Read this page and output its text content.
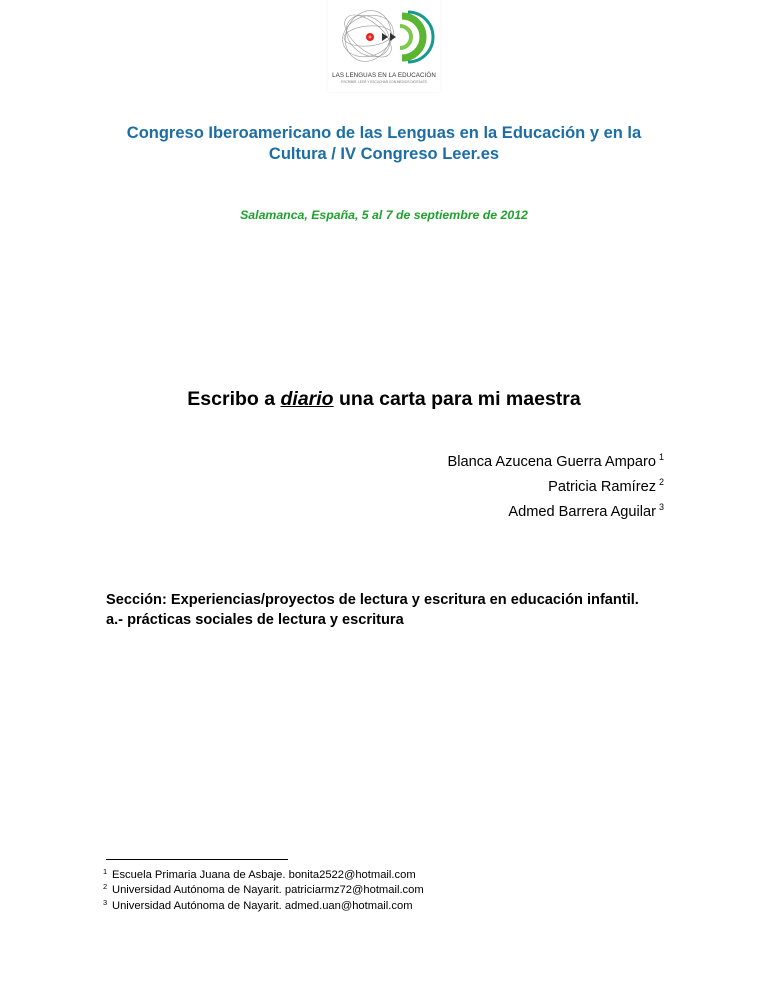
LAS LENGUAS EN LA EDUCACIÓN
ESCRIBIR, LEER Y ESCUCHAR CON MEDIOS DIGITALES
Congreso Iberoamericano de las Lenguas en la Educación y en la
Cultura / IV Congreso Leer.es
Salamanca, España, 5 al 7 de septiembre de 2012
Escribo a diario una carta para mi maestra
Blanca Azucena Guerra Amparo $^1$
Patricia Ramírez $^2$
Admed Barrera Aguilar $^3$
Sección: Experiencias/proyectos de lectura y escritura en educación infantil.
a.- prácticas sociales de lectura y escritura
$^1$ Escuela Primaria Juana de Asbaje. bonita2522@hotmail.com
$^2$ Universidad Autónoma de Nayarit. patriciarmz72@hotmail.com
$^3$ Universidad Autónoma de Nayarit. admed.uan@hotmail.com
